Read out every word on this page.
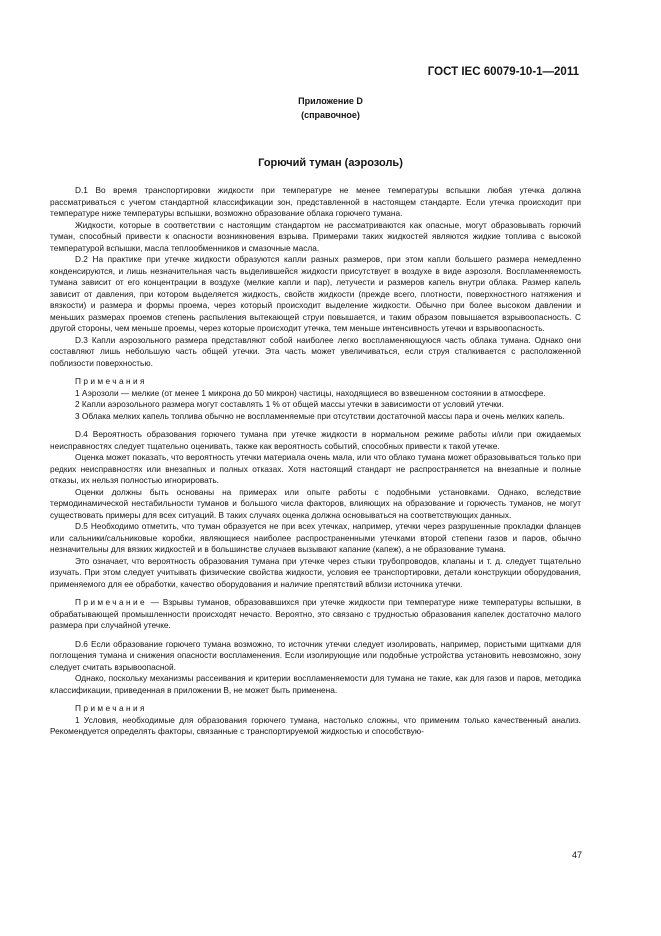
ГОСТ IEC 60079-10-1—2011
Приложение D
(справочное)
Горючий туман (аэрозоль)

D.1 Во время транспортировки жидкости при температуре не менее температуры вспышки любая утечка должна рассматриваться с учетом стандартной классификации зон, представленной в настоящем стандарте. Если утечка происходит при температуре ниже температуры вспышки, возможно образование облака горючего тумана.

Жидкости, которые в соответствии с настоящим стандартом не рассматриваются как опасные, могут образовывать горючий туман, способный привести к опасности возникновения взрыва. Примерами таких жидкостей являются жидкие топлива с высокой температурой вспышки, масла теплообменников и смазочные масла.

D.2 На практике при утечке жидкости образуются капли разных размеров, при этом капли большего размера немедленно конденсируются, и лишь незначительная часть выделившейся жидкости присутствует в воздухе в виде аэрозоля. Воспламеняемость тумана зависит от его концентрации в воздухе (мелкие капли и пар), летучести и размеров капель внутри облака. Размер капель зависит от давления, при котором выделяется жидкость, свойств жидкости (прежде всего, плотности, поверхностного натяжения и вязкости) и размера и формы проема, через который происходит выделение жидкости. Обычно при более высоком давлении и меньших размерах проемов степень распыления вытекающей струи повышается, и таким образом повышается взрывоопасность. С другой стороны, чем меньше проемы, через которые происходит утечка, тем меньше интенсивность утечки и взрывоопасность.

D.3 Капли аэрозольного размера представляют собой наиболее легко воспламеняющуюся часть облака тумана. Однако они составляют лишь небольшую часть общей утечки. Эта часть может увеличиваться, если струя сталкивается с расположенной поблизости поверхностью.

Примечания

1 Аэрозоли — мелкие (от менее 1 микрона до 50 микрон) частицы, находящиеся во взвешенном состоянии в атмосфере.

2 Капли аэрозольного размера могут составлять 1 % от общей массы утечки в зависимости от условий утечки.

3 Облака мелких капель топлива обычно не воспламеняемые при отсутствии достаточной массы пара и очень мелких капель.

D.4 Вероятность образования горючего тумана при утечке жидкости в нормальном режиме работы и/или при ожидаемых неисправностях следует тщательно оценивать, также как вероятность событий, способных привести к такой утечке.

Оценка может показать, что вероятность утечки материала очень мала, или что облако тумана может образовываться только при редких неисправностях или внезапных и полных отказах. Хотя настоящий стандарт не распространяется на внезапные и полные отказы, их нельзя полностью игнорировать.

Оценки должны быть основаны на примерах или опыте работы с подобными установками. Однако, вследствие термодинамической нестабильности туманов и большого числа факторов, влияющих на образование и горючесть туманов, не могут существовать примеры для всех ситуаций. В таких случаях оценка должна основываться на соответствующих данных.

D.5 Необходимо отметить, что туман образуется не при всех утечках, например, утечки через разрушенные прокладки фланцев или сальники/сальниковые коробки, являющиеся наиболее распространенными утечками второй степени газов и паров, обычно незначительны для вязких жидкостей и в большинстве случаев вызывают капание (капеж), а не образование тумана.

Это означает, что вероятность образования тумана при утечке через стыки трубопроводов, клапаны и т. д. следует тщательно изучать. При этом следует учитывать физические свойства жидкости, условия ее транспортировки, детали конструкции оборудования, применяемого для ее обработки, качество оборудования и наличие препятствий вблизи источника утечки.

Примечание — Взрывы туманов, образовавшихся при утечке жидкости при температуре ниже температуры вспышки, в обрабатывающей промышленности происходят нечасто. Вероятно, это связано с трудностью образования капелек достаточно малого размера при случайной утечке.

D.6 Если образование горючего тумана возможно, то источник утечки следует изолировать, например, пористыми щитками для поглощения тумана и снижения опасности воспламенения. Если изолирующие или подобные устройства установить невозможно, зону следует считать взрывоопасной.

Однако, поскольку механизмы рассеивания и критерии воспламеняемости для тумана не такие, как для газов и паров, методика классификации, приведенная в приложении В, не может быть применена.

Примечания

1 Условия, необходимые для образования горючего тумана, настолько сложны, что применим только качественный анализ. Рекомендуется определять факторы, связанные с транспортируемой жидкостью и способствую-

47
